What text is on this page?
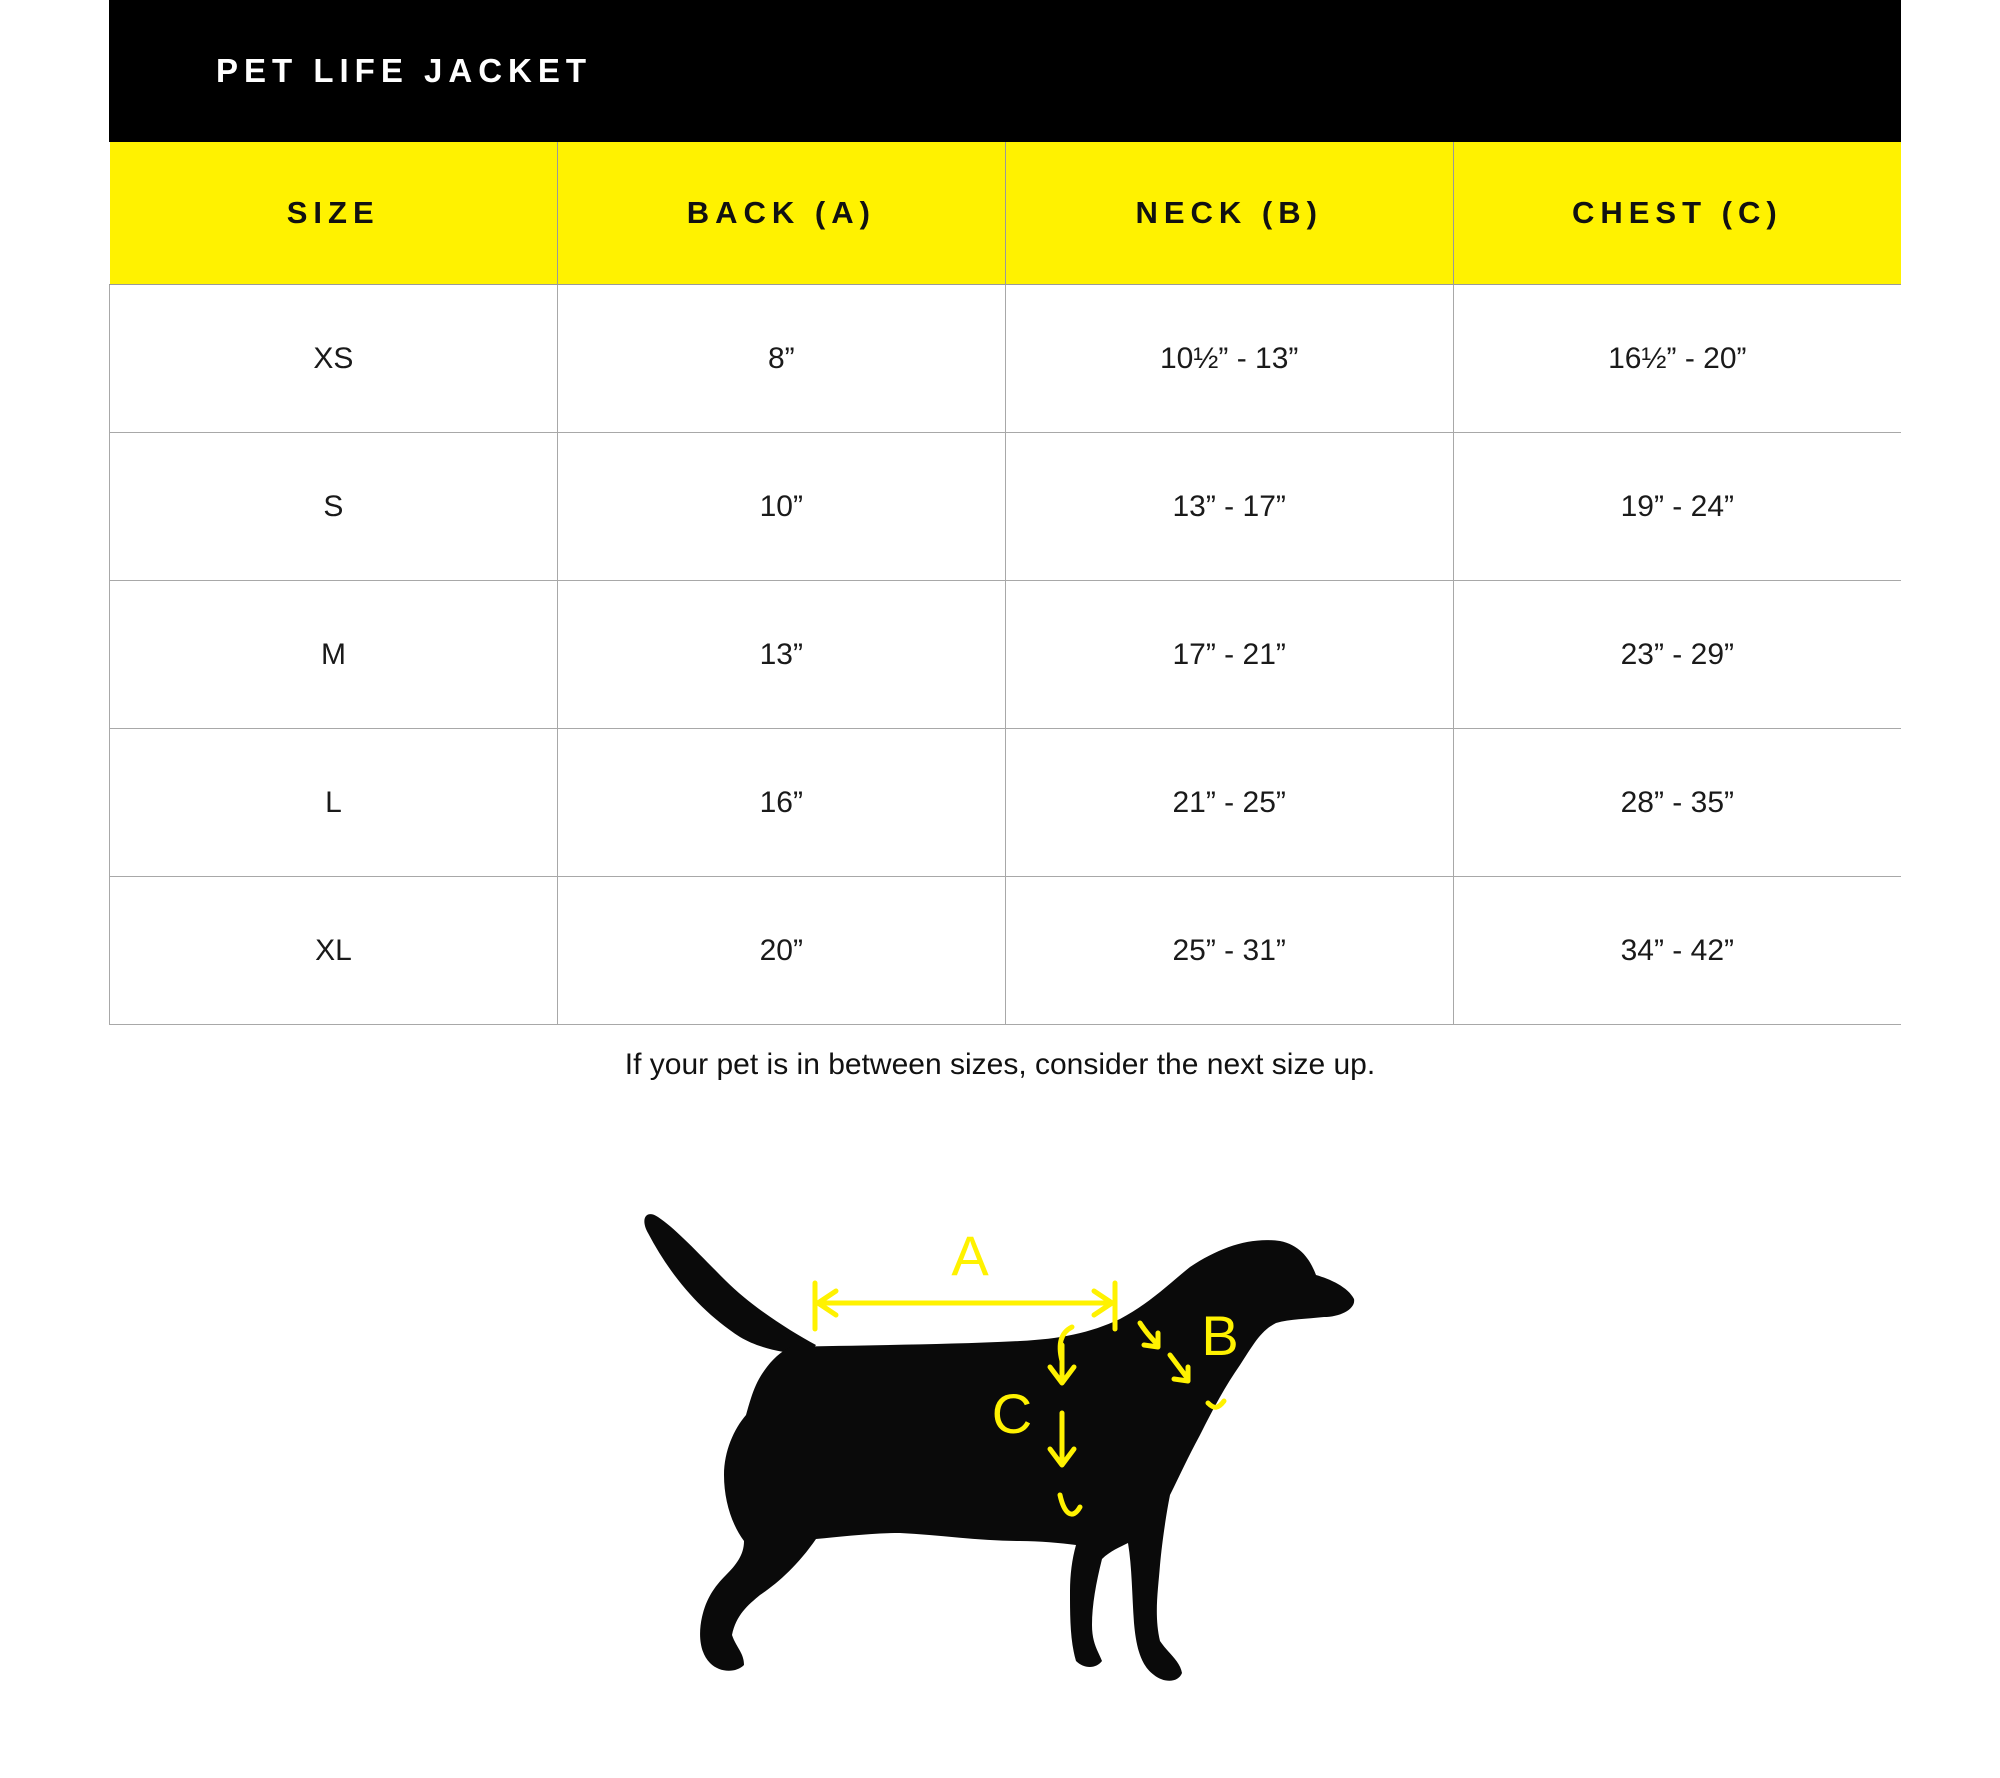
PET LIFE JACKET
SIZE	BACK (A)	NECK (B)	CHEST (C)
XS	8”	10½” - 13”	16½” - 20”
S	10”	13” - 17”	19” - 24”
M	13”	17” - 21”	23” - 29”
L	16”	21” - 25”	28” - 35”
XL	20”	25” - 31”	34” - 42”
If your pet is in between sizes, consider the next size up.
A
B
C
